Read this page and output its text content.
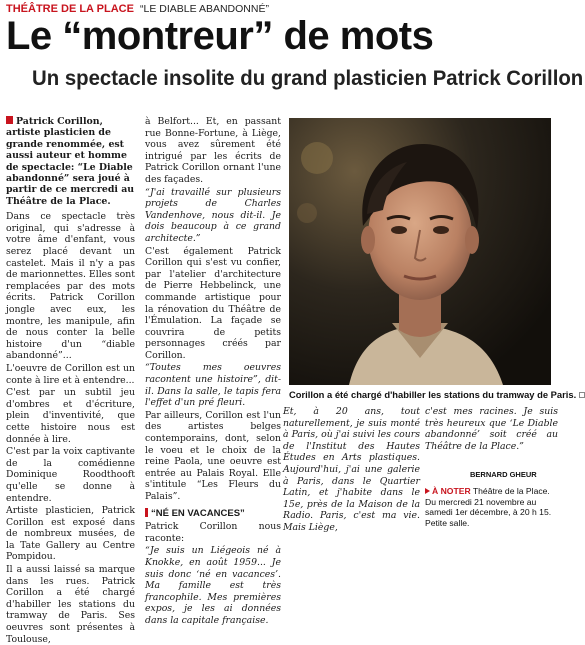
THÉÂTRE DE LA PLACE “LE DIABLE ABANDONNÉ”
Le “montreur” de mots
Un spectacle insolite du grand plasticien Patrick Corillon
Patrick Corillon, artiste plasticien de grande renommée, est aussi auteur et homme de spectacle: “Le Diable abandonné” sera joué à partir de ce mercredi au Théâtre de la Place.

Dans ce spectacle très original, qui s'adresse à votre âme d'enfant, vous serez placé devant un castelet. Mais il n'y a pas de marionnettes. Elles sont remplacées par des mots écrits. Patrick Corillon jongle avec eux, les montre, les manipule, afin de nous conter la belle histoire d'un “diable abandonné”...

L'oeuvre de Corillon est un conte à lire et à entendre...

C'est par un subtil jeu d'ombres et d'écriture, plein d'inventivité, que cette histoire nous est donnée à lire.

C'est par la voix captivante de la comédienne Dominique Roodthooft qu'elle se donne à entendre.

Artiste plasticien, Patrick Corillon est exposé dans de nombreux musées, de la Tate Gallery au Centre Pompidou.

Il a aussi laissé sa marque dans les rues. Patrick Corillon a été chargé d'habiller les stations du tramway de Paris. Ses oeuvres sont présentes à Toulouse,

à Belfort... Et, en passant rue Bonne-Fortune, à Liège, vous avez sûrement été intrigué par les écrits de Patrick Corillon ornant l'une des façades.

“J'ai travaillé sur plusieurs projets de Charles Vandenhove, nous dit-il. Je dois beaucoup à ce grand architecte.”

C'est également Patrick Corillon qui s'est vu confier, par l'atelier d'architecture de Pierre Hebbelinck, une commande artistique pour la rénovation du Théâtre de l'Émulation. La façade se couvrira de petits personnages créés par Corillon.

“Toutes mes oeuvres racontent une histoire”, dit-il. Dans la salle, le tapis fera l'effet d'un pré fleuri.

Par ailleurs, Corillon est l'un des artistes belges contemporains, dont, selon le voeu et le choix de la reine Paola, une oeuvre est entrée au Palais Royal. Elle s'intitule “Les Fleurs du Palais”.

“NÉ EN VACANCES”

Patrick Corillon nous raconte:

“Je suis un Liégeois né à Knokke, en août 1959... Je suis donc ‘né en vacances’. Ma famille est très francophile. Mes premières expos, je les ai données dans la capitale française.

Corillon a été chargé d'habiller les stations du tramway de Paris.

Et, à 20 ans, tout naturellement, je suis monté à Paris, où j'ai suivi les cours de l'Institut des Hautes Études en Arts plastiques. Aujourd'hui, j'ai une galerie à Paris, dans le Quartier Latin, et j'habite dans le 15e, près de la Maison de la Radio. Paris, c'est ma vie. Mais Liège,

c'est mes racines. Je suis très heureux que ‘Le Diable abandonné’ soit créé au Théâtre de la Place.”

BERNARD GHEUR
À NOTER Théâtre de la Place. Du mercredi 21 novembre au samedi 1er décembre, à 20 h 15. Petite salle.
